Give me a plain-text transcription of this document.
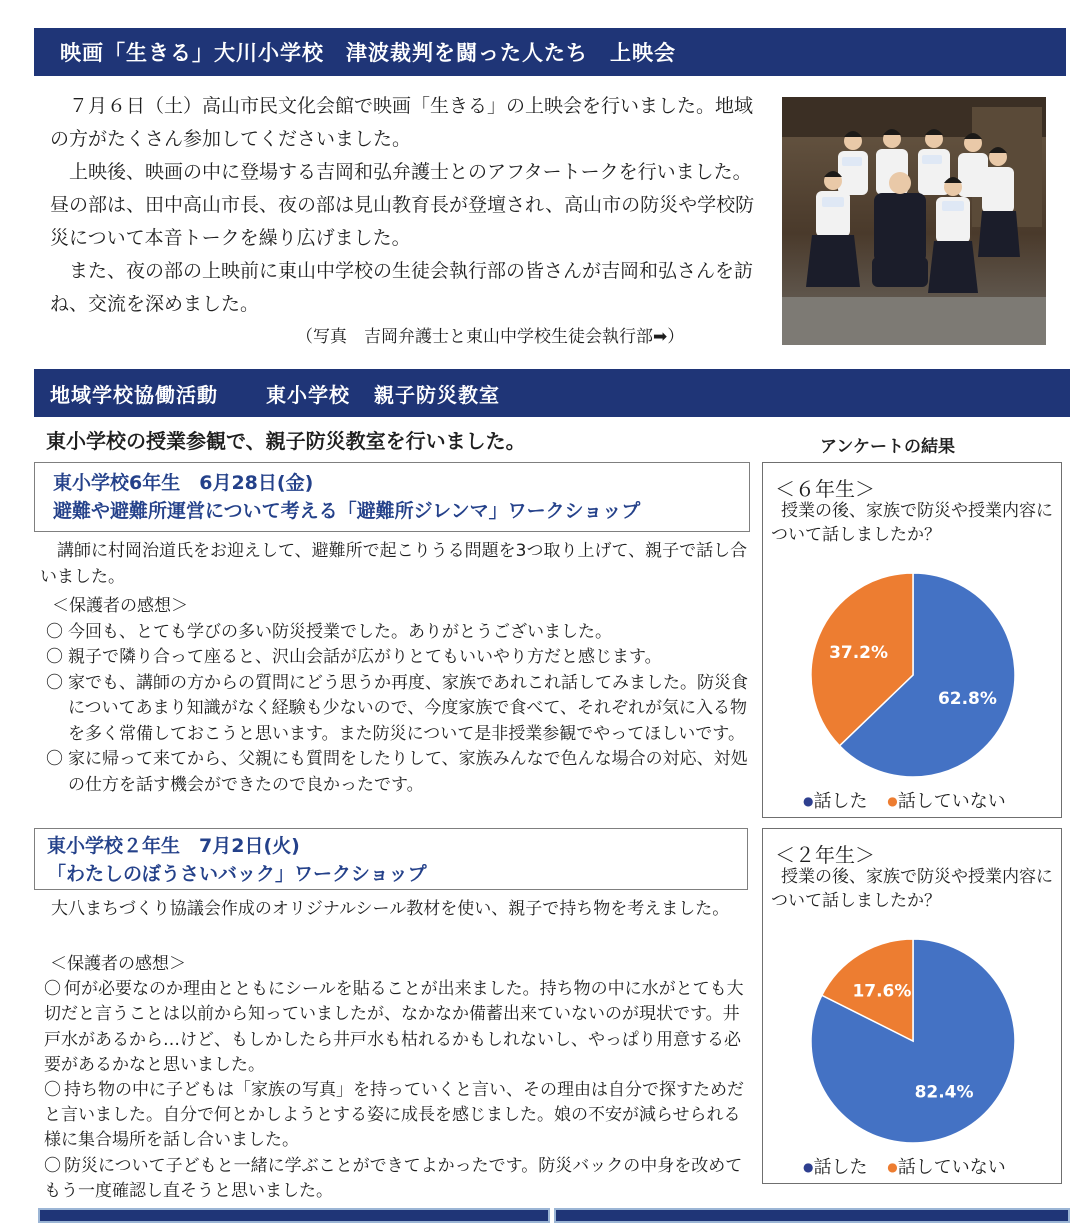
映画「生きる」大川小学校　津波裁判を闘った人たち　上映会

　７月６日（土）高山市民文化会館で映画「生きる」の上映会を行いました。地域の方がたくさん参加してくださいました。

　上映後、映画の中に登場する吉岡和弘弁護士とのアフタートークを行いました。昼の部は、田中高山市長、夜の部は見山教育長が登壇され、高山市の防災や学校防災について本音トークを繰り広げました。

　また、夜の部の上映前に東山中学校の生徒会執行部の皆さんが吉岡和弘さんを訪ね、交流を深めました。

（写真　吉岡弁護士と東山中学校生徒会執行部➡）
地域学校協働活動 東小学校 親子防災教室
東小学校の授業参観で、親子防災教室を行いました。	アンケートの結果
東小学校6年生　6月28日(金)
避難や避難所運営について考える「避難所ジレンマ」ワークショップ
　講師に村岡治道氏をお迎えして、避難所で起こりうる問題を3つ取り上げて、親子で話し合いました。
＜保護者の感想＞
〇 今回も、とても学びの多い防災授業でした。ありがとうございました。
〇 親子で隣り合って座ると、沢山会話が広がりとてもいいやり方だと感じます。
〇 家でも、講師の方からの質問にどう思うか再度、家族であれこれ話してみました。防災食についてあまり知識がなく経験も少ないので、今度家族で食べて、それぞれが気に入る物を多く常備しておこうと思います。また防災について是非授業参観でやってほしいです。
〇 家に帰って来てから、父親にも質問をしたりして、家族みんなで色んな場合の対応、対処の仕方を話す機会ができたので良かったです。
東小学校２年生　7月2日(火)
「わたしのぼうさいバック」ワークショップ
　大八まちづくり協議会作成のオリジナルシール教材を使い、親子で持ち物を考えました。
＜保護者の感想＞
〇 何が必要なのか理由とともにシールを貼ることが出来ました。持ち物の中に水がとても大切だと言うことは以前から知っていましたが、なかなか備蓄出来ていないのが現状です。井戸水があるから…けど、もしかしたら井戸水も枯れるかもしれないし、やっぱり用意する必要があるかなと思いました。
〇 持ち物の中に子どもは「家族の写真」を持っていくと言い、その理由は自分で探すためだと言いました。自分で何とかしようとする姿に成長を感じました。娘の不安が減らせられる様に集合場所を話し合いました。
〇 防災について子どもと一緒に学ぶことができてよかったです。防災バックの中身を改めてもう一度確認し直そうと思いました。
＜６年生＞
授業の後、家族で防災や授業内容について話しましたか？
62.8%
37.2%
●話した ●話していない
＜２年生＞
授業の後、家族で防災や授業内容について話しましたか？
82.4%
17.6%
●話した ●話していない
